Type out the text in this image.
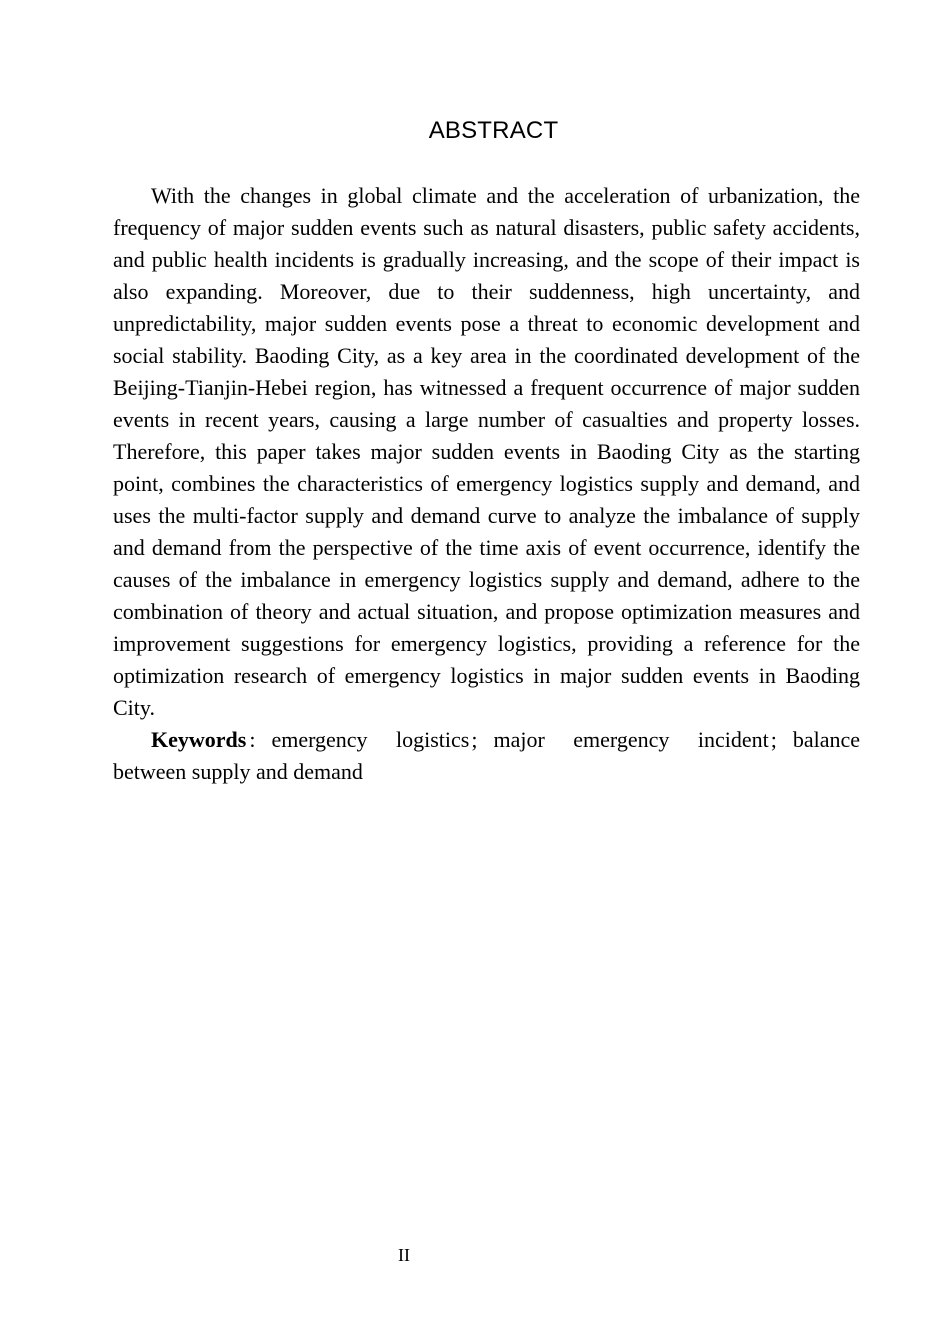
ABSTRACT

With the changes in global climate and the acceleration of urbanization, the frequency of major sudden events such as natural disasters, public safety accidents, and public health incidents is gradually increasing, and the scope of their impact is also expanding. Moreover, due to their suddenness, high uncertainty, and unpredictability, major sudden events pose a threat to economic development and social stability. Baoding City, as a key area in the coordinated development of the Beijing-Tianjin-Hebei region, has witnessed a frequent occurrence of major sudden events in recent years, causing a large number of casualties and property losses. Therefore, this paper takes major sudden events in Baoding City as the starting point, combines the characteristics of emergency logistics supply and demand, and uses the multi-factor supply and demand curve to analyze the imbalance of supply and demand from the perspective of the time axis of event occurrence, identify the causes of the imbalance in emergency logistics supply and demand, adhere to the combination of theory and actual situation, and propose optimization measures and improvement suggestions for emergency logistics, providing a reference for the optimization research of emergency logistics in major sudden events in Baoding City.

Keywords : emergency logistics; major emergency incident; balance between supply and demand

II
